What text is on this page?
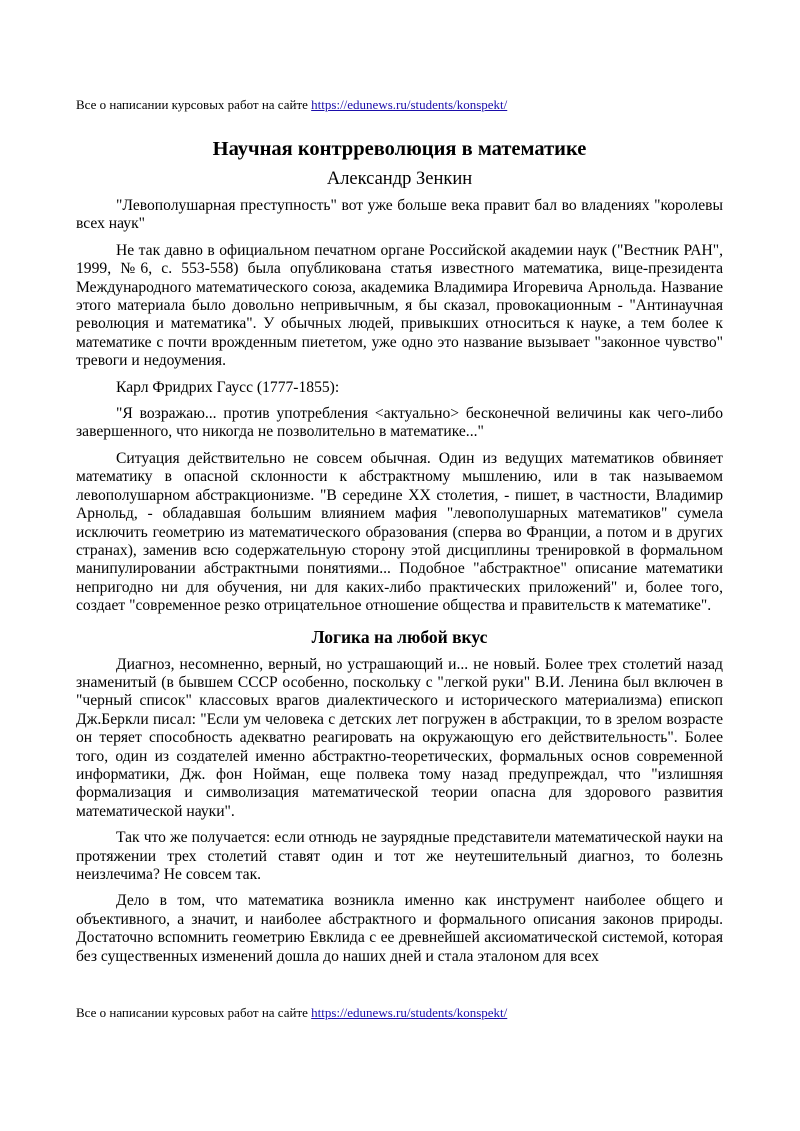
Все о написании курсовых работ на сайте https://edunews.ru/students/konspekt/
Научная контрреволюция в математике
Александр Зенкин

"Левополушарная преступность" вот уже больше века правит бал во владениях "королевы всех наук"

Не так давно в официальном печатном органе Российской академии наук ("Вестник РАН", 1999, №6, с. 553-558) была опубликована статья известного математика, вице-президента Международного математического союза, академика Владимира Игоревича Арнольда. Название этого материала было довольно непривычным, я бы сказал, провокационным - "Антинаучная революция и математика". У обычных людей, привыкших относиться к науке, а тем более к математике с почти врожденным пиететом, уже одно это название вызывает "законное чувство" тревоги и недоумения.

Карл Фридрих Гаусс (1777-1855):

"Я возражаю... против употребления <актуально> бесконечной величины как чего-либо завершенного, что никогда не позволительно в математике..."

Ситуация действительно не совсем обычная. Один из ведущих математиков обвиняет математику в опасной склонности к абстрактному мышлению, или в так называемом левополушарном абстракционизме. "В середине XX столетия, - пишет, в частности, Владимир Арнольд, - обладавшая большим влиянием мафия "левополушарных математиков" сумела исключить геометрию из математического образования (сперва во Франции, а потом и в других странах), заменив всю содержательную сторону этой дисциплины тренировкой в формальном манипулировании абстрактными понятиями... Подобное "абстрактное" описание математики непригодно ни для обучения, ни для каких-либо практических приложений" и, более того, создает "современное резко отрицательное отношение общества и правительств к математике".

Логика на любой вкус

Диагноз, несомненно, верный, но устрашающий и... не новый. Более трех столетий назад знаменитый (в бывшем СССР особенно, поскольку с "легкой руки" В.И. Ленина был включен в "черный список" классовых врагов диалектического и исторического материализма) епископ Дж.Беркли писал: "Если ум человека с детских лет погружен в абстракции, то в зрелом возрасте он теряет способность адекватно реагировать на окружающую его действительность". Более того, один из создателей именно абстрактно-теоретических, формальных основ современной информатики, Дж. фон Нойман, еще полвека тому назад предупреждал, что "излишняя формализация и символизация математической теории опасна для здорового развития математической науки".

Так что же получается: если отнюдь не заурядные представители математической науки на протяжении трех столетий ставят один и тот же неутешительный диагноз, то болезнь неизлечима? Не совсем так.

Дело в том, что математика возникла именно как инструмент наиболее общего и объективного, а значит, и наиболее абстрактного и формального описания законов природы. Достаточно вспомнить геометрию Евклида с ее древнейшей аксиоматической системой, которая без существенных изменений дошла до наших дней и стала эталоном для всех

Все о написании курсовых работ на сайте https://edunews.ru/students/konspekt/
